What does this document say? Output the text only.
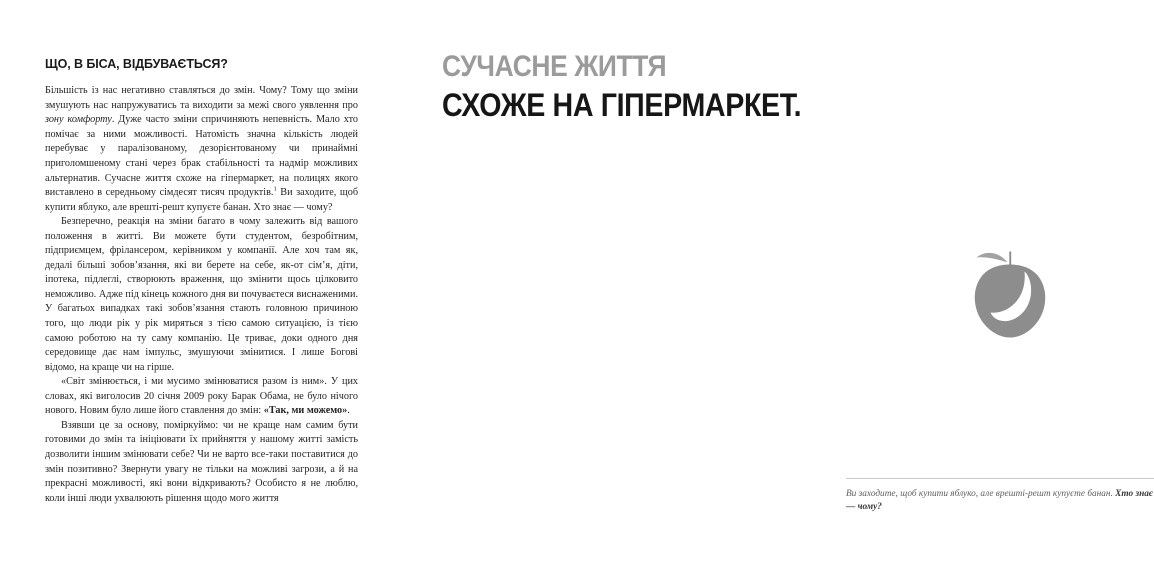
ЩО, В БІСА, ВІДБУВАЄТЬСЯ?

Більшість із нас негативно ставляться до змін. Чому? Тому що зміни змушують нас напружуватись та виходити за межі свого уявлення про зону комфорту. Дуже часто зміни спричиняють непевність. Мало хто помічає за ними можливості. Натомість значна кількість людей перебуває у паралізованому, дезорієнтованому чи принаймні приголомшеному стані через брак стабільності та надмір можливих альтернатив. Сучасне життя схоже на гіпермаркет, на полицях якого виставлено в середньому сімдесят тисяч продуктів.$^1$ Ви заходите, щоб купити яблуко, але врешті-решт купуєте банан. Хто знає — чому?

Безперечно, реакція на зміни багато в чому залежить від вашого положення в житті. Ви можете бути студентом, безробітним, підприємцем, фрілансером, керівником у компанії. Але хоч там як, дедалі більші зобов’язання, які ви берете на себе, як-от сім’я, діти, іпотека, підлеглі, створюють враження, що змінити щось цілковито неможливо. Адже під кінець кожного дня ви почуваєтеся виснаженими. У багатьох випадках такі зобов’язання стають головною причиною того, що люди рік у рік миряться з тією самою ситуацією, із тією самою роботою на ту саму компанію. Це триває, доки одного дня середовище дає нам імпульс, змушуючи змінитися. І лише Богові відомо, на краще чи на гірше.

«Світ змінюється, і ми мусимо змінюватися разом із ним». У цих словах, які виголосив 20 січня 2009 року Барак Обама, не було нічого нового. Новим було лише його ставлення до змін: «Так, ми можемо».

Взявши це за основу, поміркуймо: чи не краще нам самим бути готовими до змін та ініціювати їх прийняття у нашому житті замість дозволити іншим змінювати себе? Чи не варто все-таки поставитися до змін позитивно? Звернути увагу не тільки на можливі загрози, а й на прекрасні можливості, які вони відкривають? Особисто я не люблю, коли інші люди ухвалюють рішення щодо мого життя

СУЧАСНЕ ЖИТТЯ
СХОЖЕ НА ГІПЕРМАРКЕТ.

Ви заходите, щоб купити яблуко, але врешті-решт купуєте банан. Хто знає — чому?
